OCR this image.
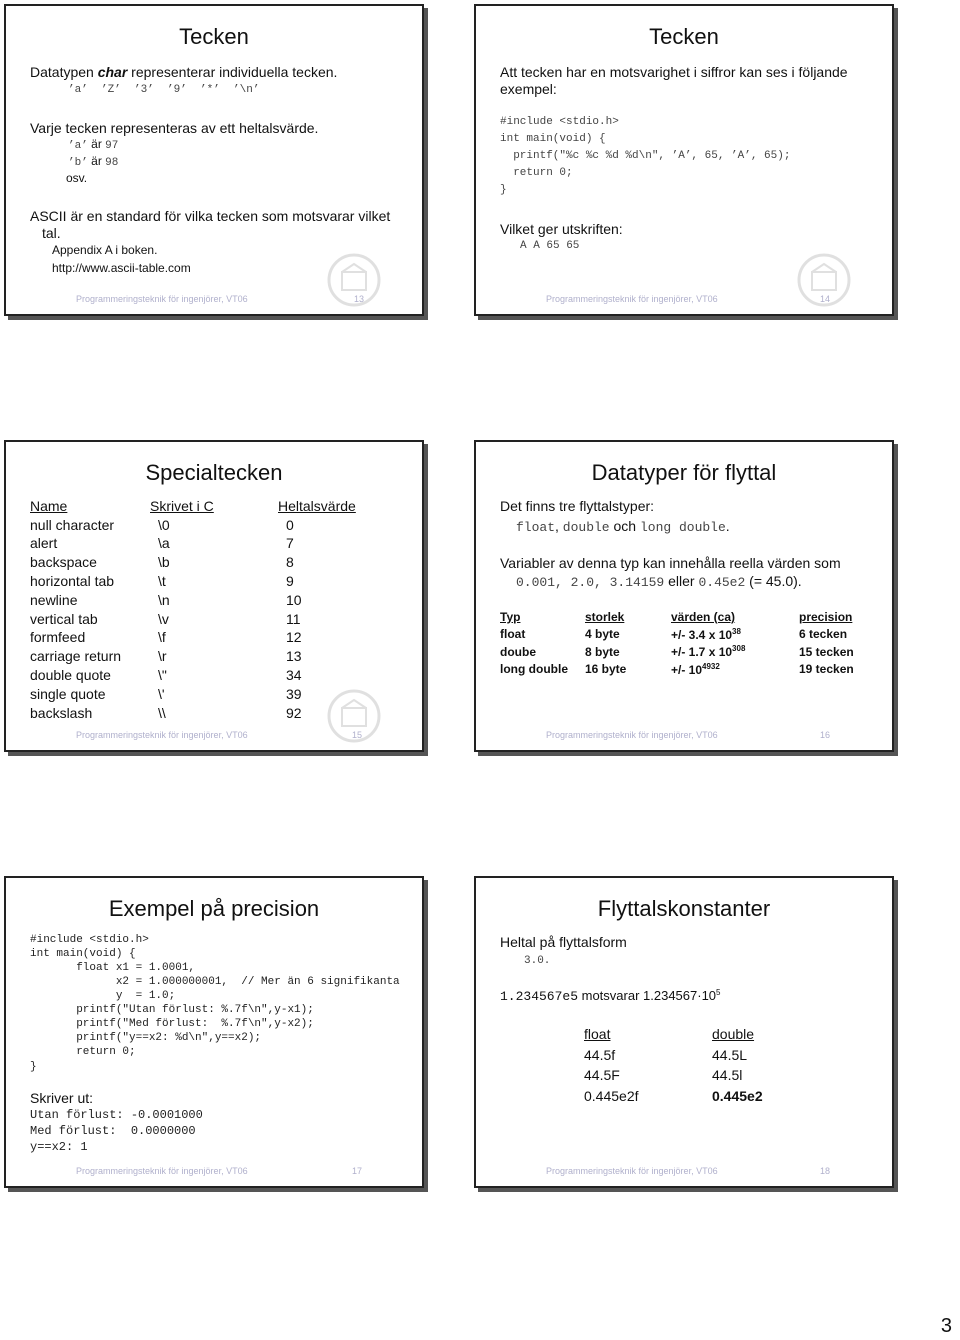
Tecken
Datatypen char representerar individuella tecken.
’a’  ’Z’  ’3’  ’9’  ’*’  ’\n’
Varje tecken representeras av ett heltalsvärde.
’a’ är 97
’b’ är 98
osv.
ASCII är en standard för vilka tecken som motsvarar vilket
tal.
Appendix A i boken.
http://www.ascii-table.com
Programmeringsteknik för ingenjörer, VT06	13
Tecken
Att tecken har en motsvarighet i siffror kan ses i följande
exempel:
#include <stdio.h>
int main(void) {
printf("%c %c %d %d\n", ’A’, 65, ’A’, 65);
return 0;
}
Vilket ger utskriften:
A A 65 65
Programmeringsteknik för ingenjörer, VT06	14
Specialtecken
Name	Skrivet i C	Heltalsvärde
null character	\0	0
alert	\a	7
backspace	\b	8
horizontal tab	\t	9
newline	\n	10
vertical tab	\v	11
formfeed	\f	12
carriage return	\r	13
double quote	\"	34
single quote	\'	39
backslash	\\	92
Programmeringsteknik för ingenjörer, VT06	15
Datatyper för flyttal
Det finns tre flyttalstyper:
float, double och long double.
Variabler av denna typ kan innehålla reella värden som
0.001, 2.0, 3.14159 eller 0.45e2 (= 45.0).
Typ	storlek	värden (ca)	precision
float	4 byte	+/- 3.4 x $10^{38}$	6 tecken
doube	8 byte	+/- 1.7 x $10^{308}$	15 tecken
long double	16 byte	+/- $10^{4932}$	19 tecken
Programmeringsteknik för ingenjörer, VT06	16
Exempel på precision
#include <stdio.h>
int main(void) {
float x1 = 1.0001,
x2 = 1.000000001,  // Mer än 6 signifikanta
y  = 1.0;
printf("Utan förlust: %.7f\n",y-x1);
printf("Med förlust:  %.7f\n",y-x2);
printf("y==x2: %d\n",y==x2);
return 0;
}
Skriver ut:
Utan förlust: -0.0001000
Med förlust:  0.0000000
y==x2: 1
Programmeringsteknik för ingenjörer, VT06	17
Flyttalskonstanter
Heltal på flyttalsform
3.0.
1.234567e5 motsvarar $1.234567\cdot 10^5$
float	double
44.5f	44.5L
44.5F	44.5l
0.445e2f	0.445e2
Programmeringsteknik för ingenjörer, VT06	18
3
